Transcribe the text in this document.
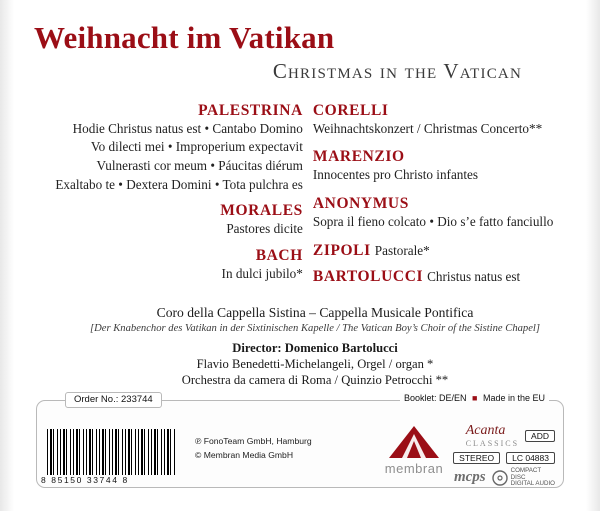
Weihnacht im Vatikan
Christmas in the Vatican
PALESTRINA
Hodie Christus natus est • Cantabo Domino
Vo dilecti mei • Improperium expectavit
Vulnerasti cor meum • Páucitas diérum
Exaltabo te • Dextera Domini • Tota pulchra es
MORALES
Pastores dicite
BACH
In dulci jubilo*
CORELLI
Weihnachtskonzert / Christmas Concerto**
MARENZIO
Innocentes pro Christo infantes
ANONYMUS
Sopra il fieno colcato • Dio s’e fatto fanciullo
ZIPOLI Pastorale*
BARTOLUCCI Christus natus est
Coro della Cappella Sistina – Cappella Musicale Pontifica
[Der Knabenchor des Vatikan in der Sixtinischen Kapelle / The Vatican Boy’s Choir of the Sistine Chapel]
Director: Domenico Bartolucci
Flavio Benedetti-Michelangeli, Orgel / organ *
Orchestra da camera di Roma / Quinzio Petrocchi **
Order No.: 233744	Booklet: DE/EN ■ Made in the EU
8 85150 33744 8
℗ FonoTeam GmbH, Hamburg
© Membran Media GmbH
membran
Acanta
CLASSICS
ADD
STEREO	LC 04883
mcps	COMPACT
DISC
DIGITAL AUDIO
